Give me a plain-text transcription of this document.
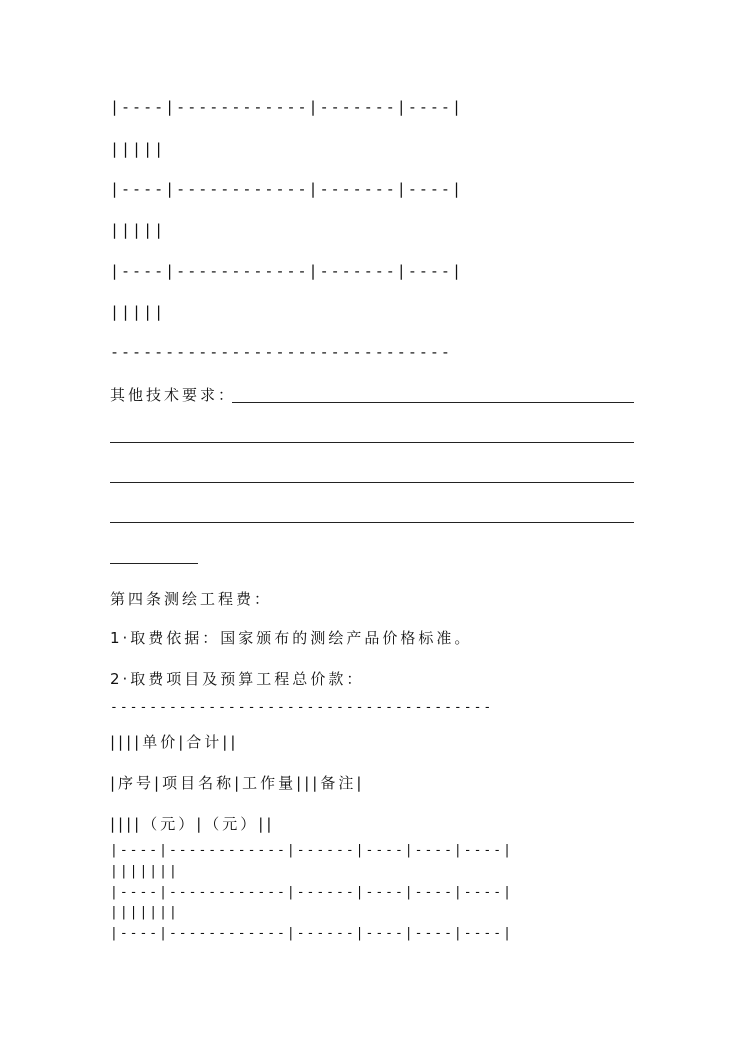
|----|------------|-------|----|
|||||
|----|------------|-------|----|
|||||
|----|------------|-------|----|
|||||
-------------------------------
其他技术要求：
第四条测绘工程费：
1·取费依据：国家颁布的测绘产品价格标准。
2·取费项目及预算工程总价款：
---------------------------------------
||||单价|合计||
|序号|项目名称|工作量|||备注|
||||（元）|（元）||
|----|------------|------|----|----|----|
|||||||
|----|------------|------|----|----|----|
|||||||
|----|------------|------|----|----|----|
